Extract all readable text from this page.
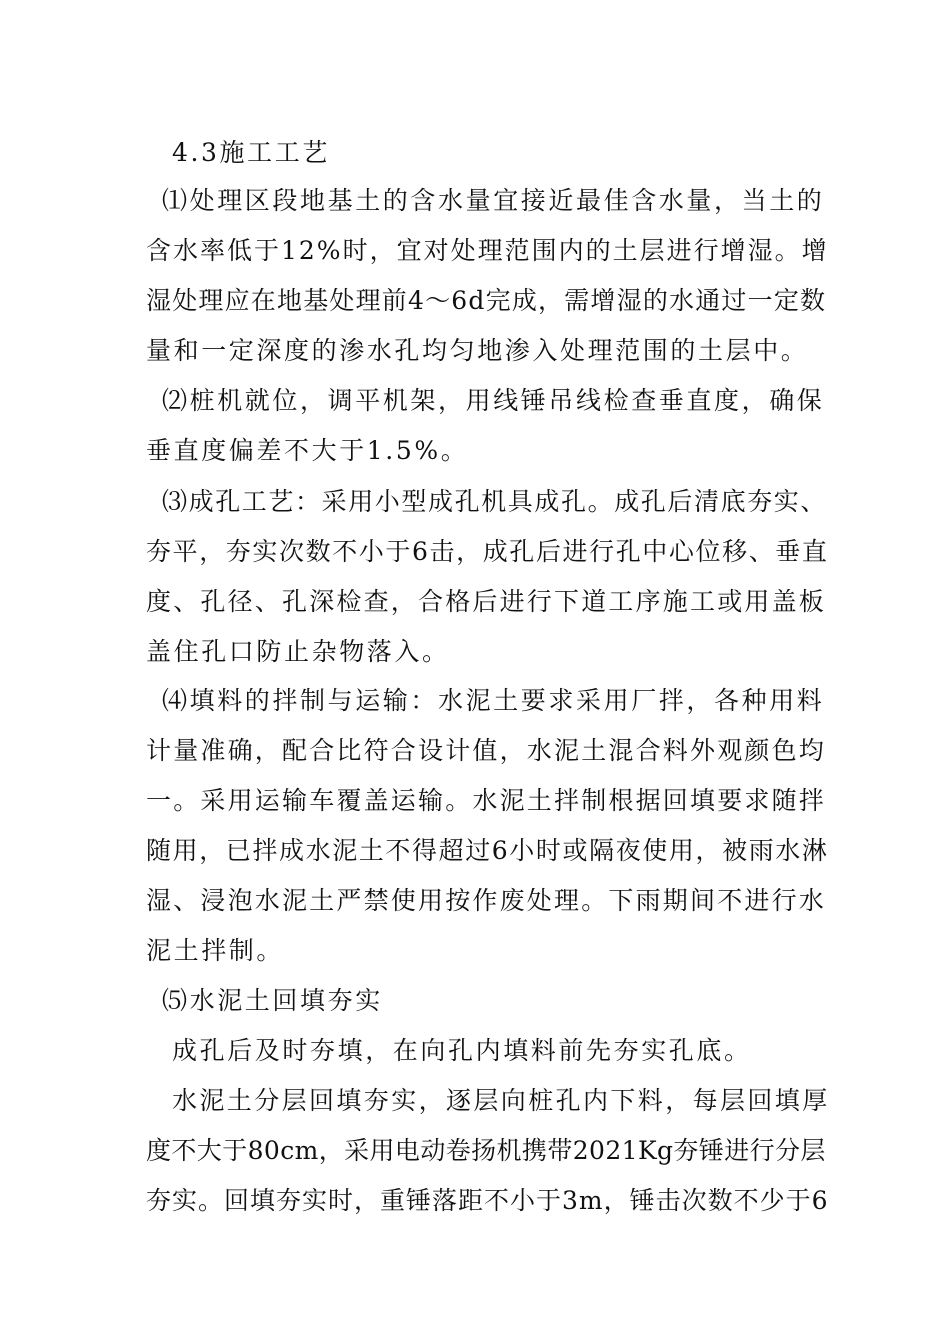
4.3施工工艺
⑴处理区段地基土的含水量宜接近最佳含水量，当土的
含水率低于12%时，宜对处理范围内的土层进行增湿。增
湿处理应在地基处理前4～6d完成，需增湿的水通过一定数
量和一定深度的渗水孔均匀地渗入处理范围的土层中。
⑵桩机就位，调平机架，用线锤吊线检查垂直度，确保
垂直度偏差不大于1.5%。
⑶成孔工艺：采用小型成孔机具成孔。成孔后清底夯实、
夯平，夯实次数不小于6击，成孔后进行孔中心位移、垂直
度、孔径、孔深检查，合格后进行下道工序施工或用盖板
盖住孔口防止杂物落入。
⑷填料的拌制与运输：水泥土要求采用厂拌，各种用料
计量准确，配合比符合设计值，水泥土混合料外观颜色均
一。采用运输车覆盖运输。水泥土拌制根据回填要求随拌
随用，已拌成水泥土不得超过6小时或隔夜使用，被雨水淋
湿、浸泡水泥土严禁使用按作废处理。下雨期间不进行水
泥土拌制。
⑸水泥土回填夯实
成孔后及时夯填，在向孔内填料前先夯实孔底。
水泥土分层回填夯实，逐层向桩孔内下料，每层回填厚
度不大于80cm，采用电动卷扬机携带2021Kg夯锤进行分层
夯实。回填夯实时，重锤落距不小于3m，锤击次数不少于6
